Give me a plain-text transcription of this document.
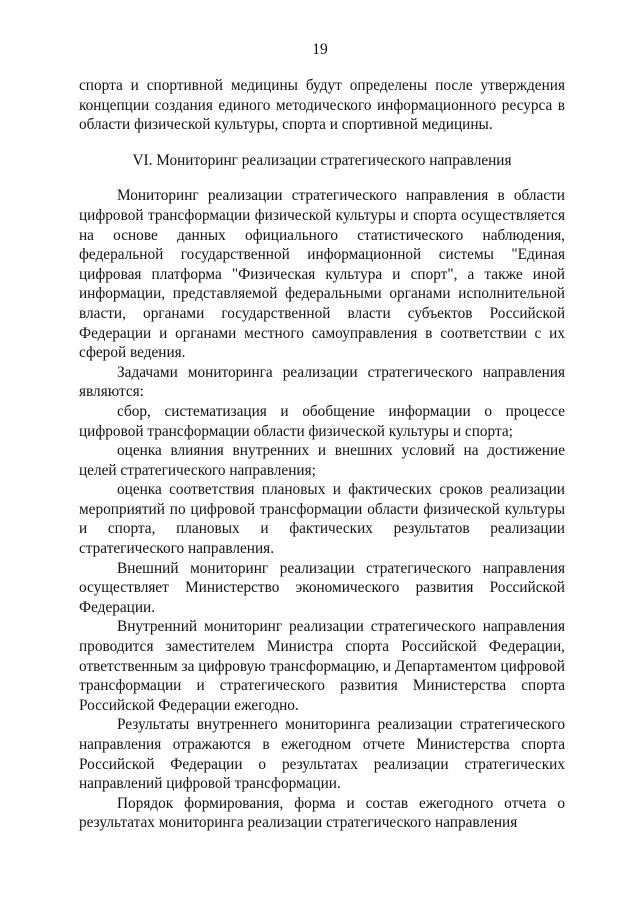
19

спорта и спортивной медицины будут определены после утверждения концепции создания единого методического информационного ресурса в области физической культуры, спорта и спортивной медицины.

VI. Мониторинг реализации стратегического направления

Мониторинг реализации стратегического направления в области цифровой трансформации физической культуры и спорта осуществляется на основе данных официального статистического наблюдения, федеральной государственной информационной системы "Единая цифровая платформа "Физическая культура и спорт", а также иной информации, представляемой федеральными органами исполнительной власти, органами государственной власти субъектов Российской Федерации и органами местного самоуправления в соответствии с их сферой ведения.

Задачами мониторинга реализации стратегического направления являются:

сбор, систематизация и обобщение информации о процессе цифровой трансформации области физической культуры и спорта;

оценка влияния внутренних и внешних условий на достижение целей стратегического направления;

оценка соответствия плановых и фактических сроков реализации мероприятий по цифровой трансформации области физической культуры и спорта, плановых и фактических результатов реализации стратегического направления.

Внешний мониторинг реализации стратегического направления осуществляет Министерство экономического развития Российской Федерации.

Внутренний мониторинг реализации стратегического направления проводится заместителем Министра спорта Российской Федерации, ответственным за цифровую трансформацию, и Департаментом цифровой трансформации и стратегического развития Министерства спорта Российской Федерации ежегодно.

Результаты внутреннего мониторинга реализации стратегического направления отражаются в ежегодном отчете Министерства спорта Российской Федерации о результатах реализации стратегических направлений цифровой трансформации.

Порядок формирования, форма и состав ежегодного отчета о результатах мониторинга реализации стратегического направления
